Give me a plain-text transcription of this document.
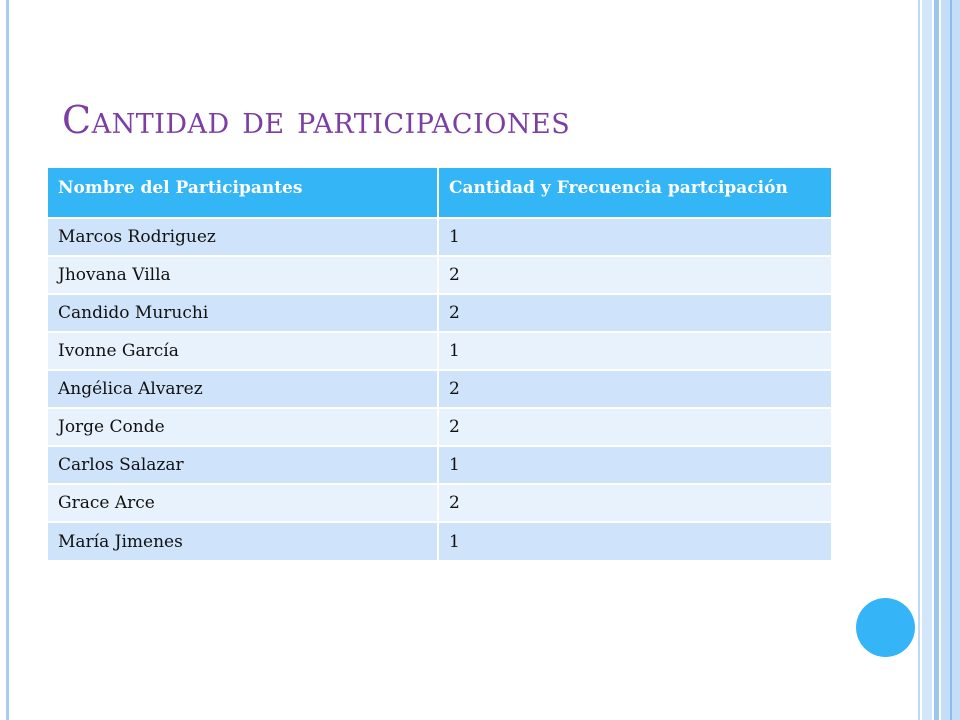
Cantidad de participaciones
Nombre del Participantes	Cantidad y Frecuencia partcipación
Marcos Rodriguez	1
Jhovana Villa	2
Candido Muruchi	2
Ivonne García	1
Angélica Alvarez	2
Jorge Conde	2
Carlos Salazar	1
Grace Arce	2
María Jimenes	1
